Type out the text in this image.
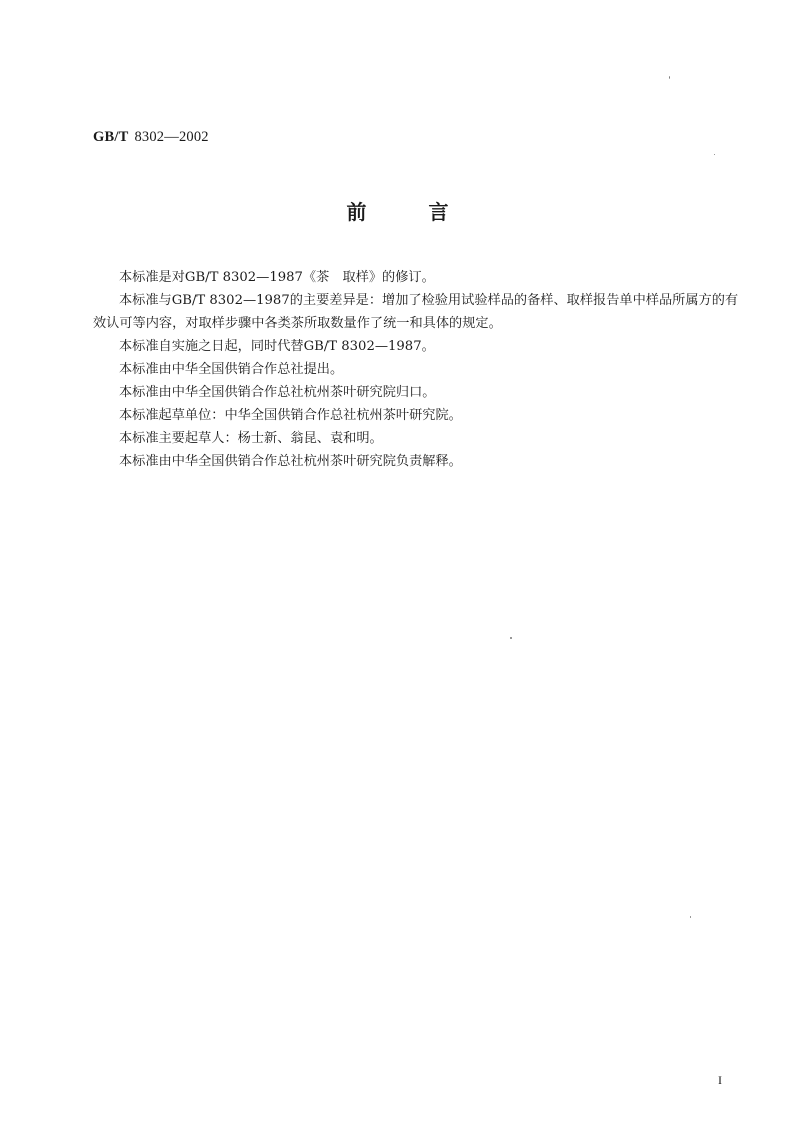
GB/T 8302—2002
前	言

本标准是对GB/T 8302—1987《茶　取样》的修订。

本标准与GB/T 8302—1987的主要差异是：增加了检验用试验样品的备样、取样报告单中样品所属方的有效认可等内容，对取样步骤中各类茶所取数量作了统一和具体的规定。

本标准自实施之日起，同时代替GB/T 8302—1987。

本标准由中华全国供销合作总社提出。

本标准由中华全国供销合作总社杭州茶叶研究院归口。

本标准起草单位：中华全国供销合作总社杭州茶叶研究院。

本标准主要起草人：杨士新、翁昆、袁和明。

本标准由中华全国供销合作总社杭州茶叶研究院负责解释。

I
